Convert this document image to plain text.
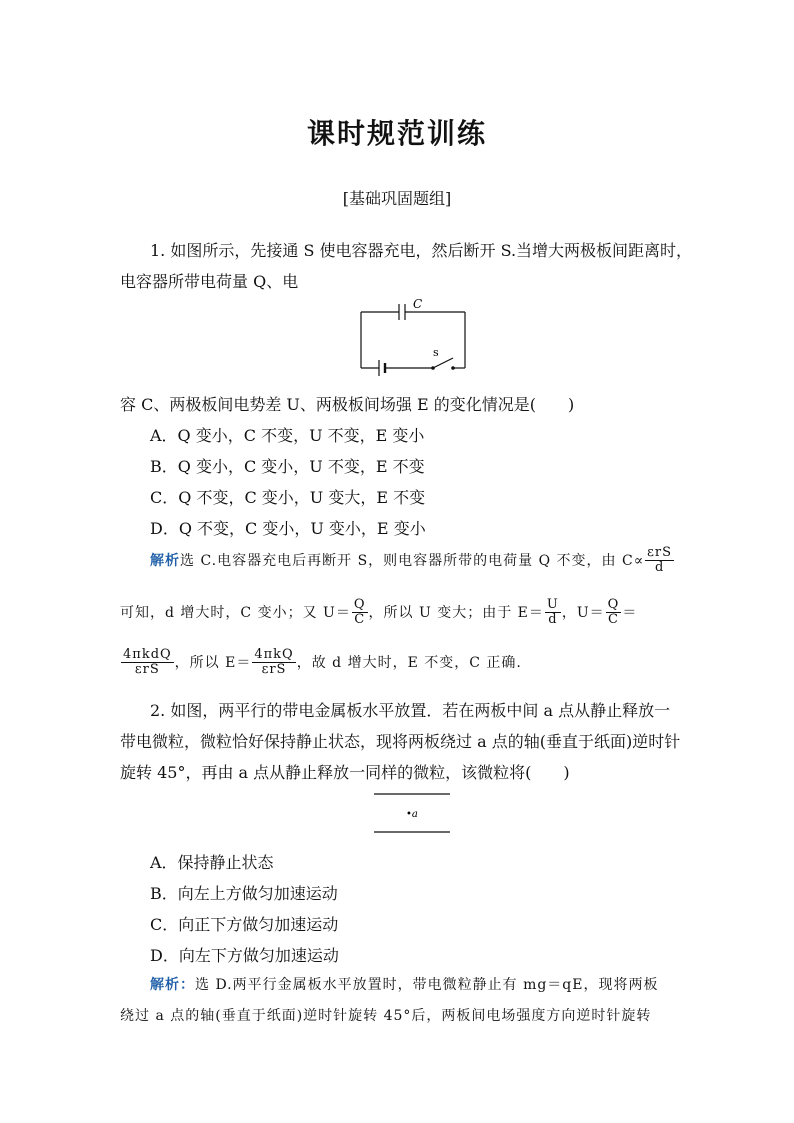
课时规范训练
[基础巩固题组]
1. 如图所示，先接通 S 使电容器充电，然后断开 S.当增大两极板间距离时，
电容器所带电荷量 Q、电
C
s
容 C、两极板间电势差 U、两极板间场强 E 的变化情况是(　　)
A．Q 变小，C 不变，U 不变，E 变小
B．Q 变小，C 变小，U 不变，E 不变
C．Q 不变，C 变小，U 变大，E 不变
D．Q 不变，C 变小，U 变小，E 变小
解析选 C.电容器充电后再断开 S，则电容器所带的电荷量 Q 不变，由 $C\propto \frac{\text{εrS}}{d}$
可知，d 增大时，C 变小；又 $U= \frac{Q}{C}$ ，所以 U 变大；由于 $E= \frac{U}{d}$ ，$U= \frac{Q}{C}$ ＝
$\frac{\text{4πkdQ}}{\text{εrS}}$ ，所以 $E= \frac{\text{4πkQ}}{\text{εrS}}$ ，故 d 增大时，E 不变，C 正确.
2. 如图，两平行的带电金属板水平放置．若在两板中间 a 点从静止释放一
带电微粒，微粒恰好保持静止状态，现将两板绕过 a 点的轴(垂直于纸面)逆时针
旋转 45°，再由 a 点从静止释放一同样的微粒，该微粒将(　　)
•a
A．保持静止状态
B．向左上方做匀加速运动
C．向正下方做匀加速运动
D．向左下方做匀加速运动
解析：选 D.两平行金属板水平放置时，带电微粒静止有 mg＝qE，现将两板
绕过 a 点的轴(垂直于纸面)逆时针旋转 45°后，两板间电场强度方向逆时针旋转
